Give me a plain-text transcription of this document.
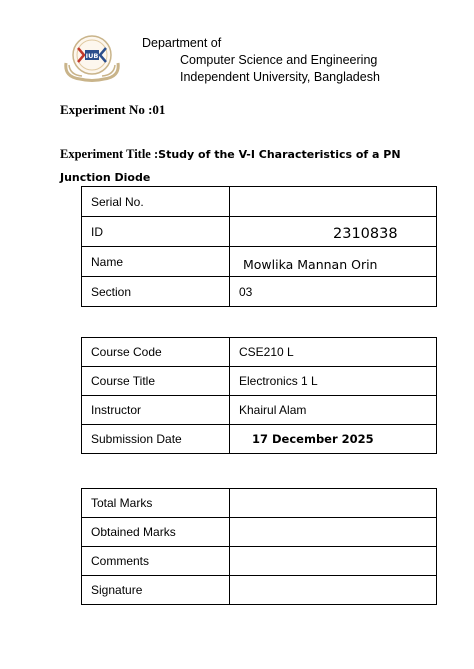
IUB
Department of
Computer Science and Engineering
Independent University, Bangladesh
Experiment No :01
Experiment Title :Study of the V-I Characteristics of a PN Junction Diode
Serial No.	
ID	2310838
Name	Mowlika Mannan Orin
Section	03
Course Code	CSE210 L
Course Title	Electronics 1 L
Instructor	Khairul Alam
Submission Date	17 December 2025
Total Marks	
Obtained Marks	
Comments	
Signature	
